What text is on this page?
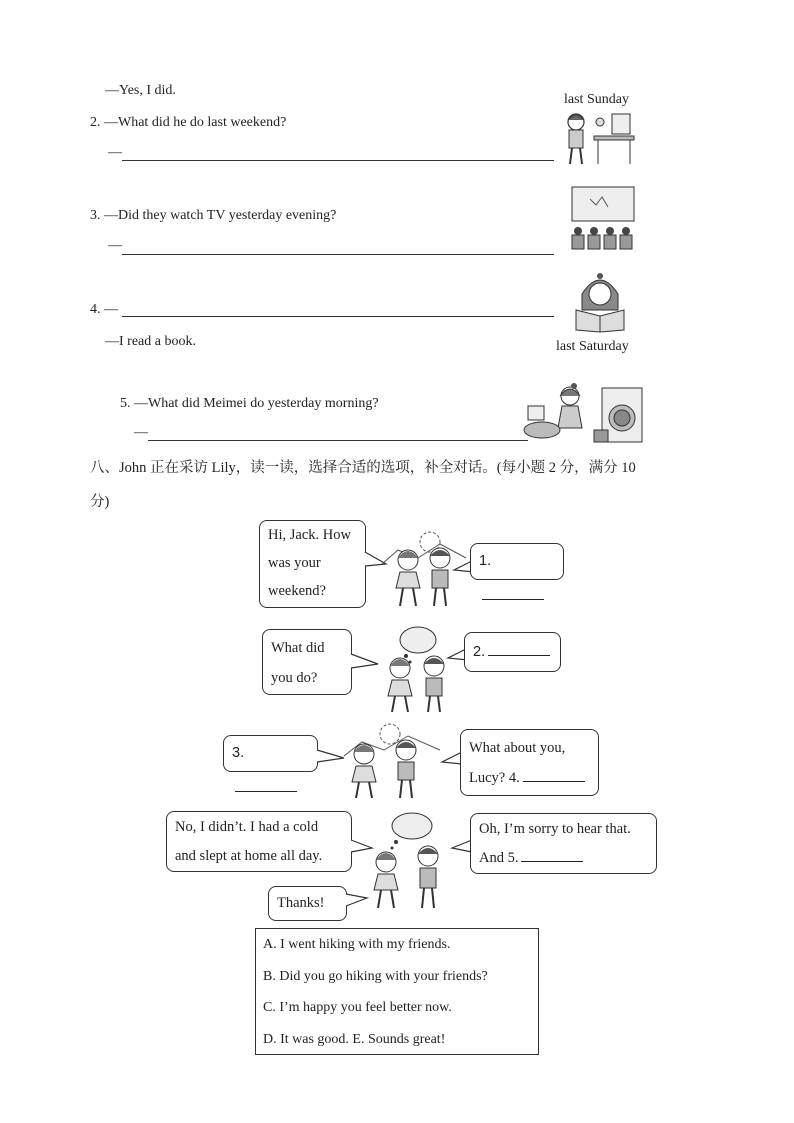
—Yes, I did.
last Sunday
2. —What did he do last weekend?
—
3. —Did they watch TV yesterday evening?
—
4. —
—I read a book.	last Saturday
5. —What did Meimei do yesterday morning?
—
八、John 正在采访 Lily，读一读，选择合适的选项，补全对话。(每小题 2 分，满分 10
分)
Hi, Jack. How
was your
weekend?
1.
What did
you do?
2.
3.	What about you,
Lucy? 4.
No, I didn’t. I had a cold
and slept at home all day.
Oh, I’m sorry to hear that.
And 5.
Thanks!
A. I went hiking with my friends.
B. Did you go hiking with your friends?
C. I’m happy you feel better now.
D. It was good. E. Sounds great!
